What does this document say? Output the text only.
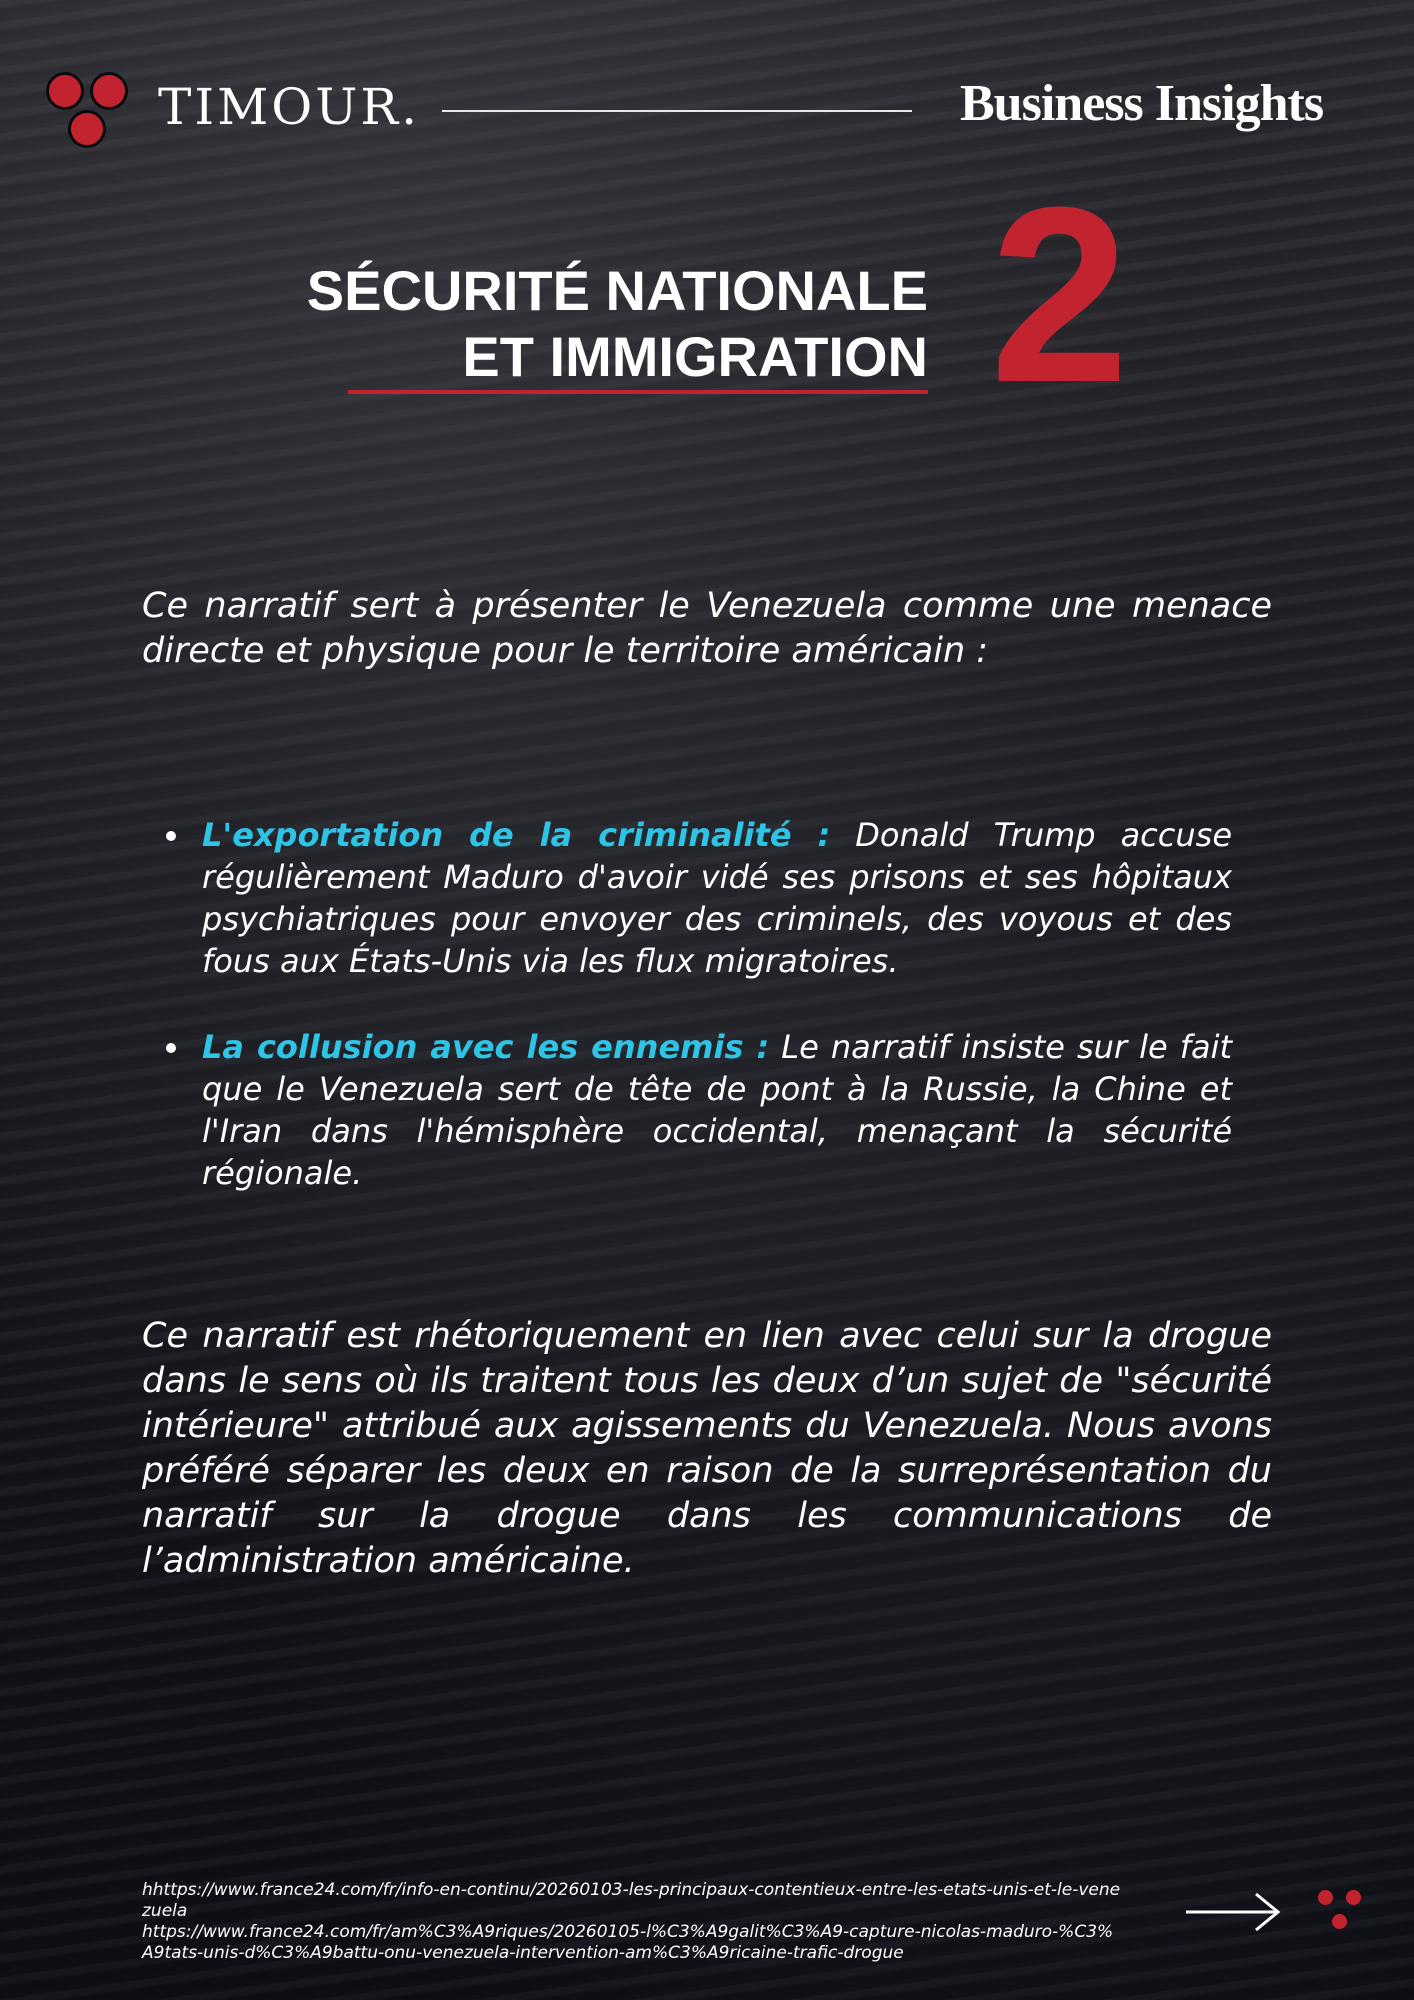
TIMOUR.	Business Insights
SÉCURITÉ NATIONALE
ET IMMIGRATION 2
Ce narratif sert à présenter le Venezuela comme une menace directe et physique pour le territoire américain :
L'exportation de la criminalité : Donald Trump accuse régulièrement Maduro d'avoir vidé ses prisons et ses hôpitaux psychiatriques pour envoyer des criminels, des voyous et des fous aux États-Unis via les flux migratoires.
La collusion avec les ennemis : Le narratif insiste sur le fait que le Venezuela sert de tête de pont à la Russie, la Chine et l'Iran dans l'hémisphère occidental, menaçant la sécurité régionale.
Ce narratif est rhétoriquement en lien avec celui sur la drogue dans le sens où ils traitent tous les deux d’un sujet de "sécurité intérieure" attribué aux agissements du Venezuela. Nous avons préféré séparer les deux en raison de la surreprésentation du narratif sur la drogue dans les communications de l’administration américaine.
hhttps://www.france24.com/fr/info-en-continu/20260103-les-principaux-contentieux-entre-les-etats-unis-et-le-venezuela
https://www.france24.com/fr/am%C3%A9riques/20260105-l%C3%A9galit%C3%A9-capture-nicolas-maduro-%C3%A9tats-unis-d%C3%A9battu-onu-venezuela-intervention-am%C3%A9ricaine-trafic-drogue
